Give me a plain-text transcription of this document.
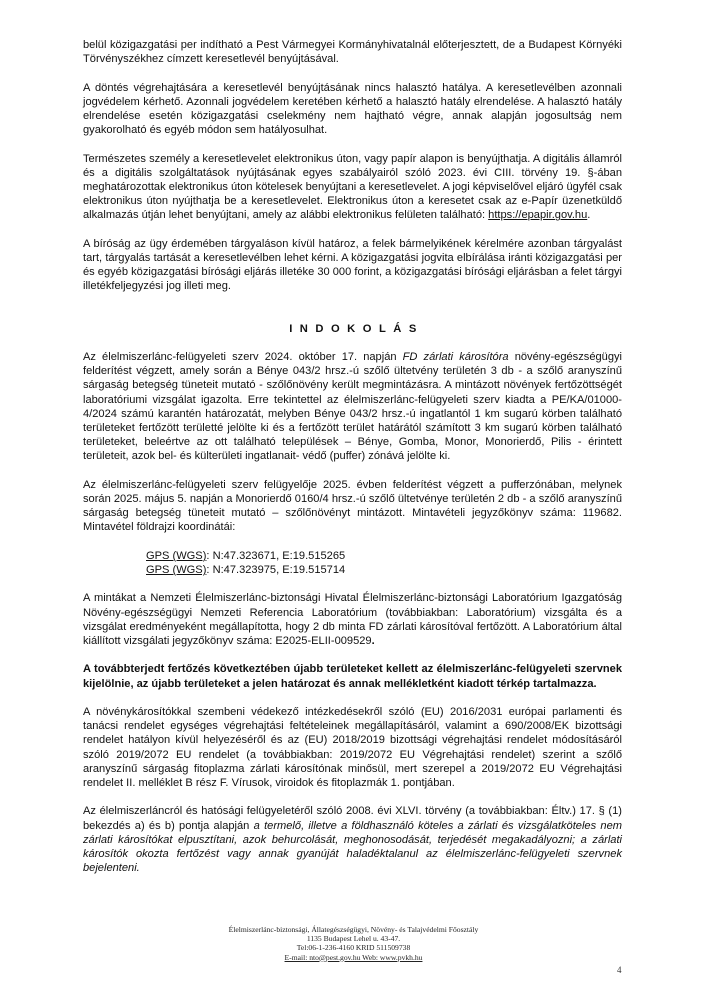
belül közigazgatási per indítható a Pest Vármegyei Kormányhivatalnál előterjesztett, de a Budapest Környéki Törvényszékhez címzett keresetlevél benyújtásával.

A döntés végrehajtására a keresetlevél benyújtásának nincs halasztó hatálya. A keresetlevélben azonnali jogvédelem kérhető. Azonnali jogvédelem keretében kérhető a halasztó hatály elrendelése. A halasztó hatály elrendelése esetén közigazgatási cselekmény nem hajtható végre, annak alapján jogosultság nem gyakorolható és egyéb módon sem hatályosulhat.

Természetes személy a keresetlevelet elektronikus úton, vagy papír alapon is benyújthatja. A digitális államról és a digitális szolgáltatások nyújtásának egyes szabályairól szóló 2023. évi CIII. törvény 19. §-ában meghatározottak elektronikus úton kötelesek benyújtani a keresetlevelet. A jogi képviselővel eljáró ügyfél csak elektronikus úton nyújthatja be a keresetlevelet. Elektronikus úton a keresetet csak az e-Papír üzenetküldő alkalmazás útján lehet benyújtani, amely az alábbi elektronikus felületen található: https://epapir.gov.hu.

A bíróság az ügy érdemében tárgyaláson kívül határoz, a felek bármelyikének kérelmére azonban tárgyalást tart, tárgyalás tartását a keresetlevélben lehet kérni. A közigazgatási jogvita elbírálása iránti közigazgatási per és egyéb közigazgatási bírósági eljárás illetéke 30 000 forint, a közigazgatási bírósági eljárásban a felet tárgyi illetékfeljegyzési jog illeti meg.

INDOKOLÁS

Az élelmiszerlánc-felügyeleti szerv 2024. október 17. napján FD zárlati károsítóra növény-egészségügyi felderítést végzett, amely során a Bénye 043/2 hrsz.-ú szőlő ültetvény területén 3 db - a szőlő aranyszínű sárgaság betegség tüneteit mutató - szőlőnövény került megmintázásra. A mintázott növények fertőzöttségét laboratóriumi vizsgálat igazolta. Erre tekintettel az élelmiszerlánc-felügyeleti szerv kiadta a PE/KA/01000-4/2024 számú karantén határozatát, melyben Bénye 043/2 hrsz.-ú ingatlantól 1 km sugarú körben található területeket fertőzött területté jelölte ki és a fertőzött terület határától számított 3 km sugarú körben található területeket, beleértve az ott található települések – Bénye, Gomba, Monor, Monorierdő, Pilis - érintett területeit, azok bel- és külterületi ingatlanait- védő (puffer) zónává jelölte ki.

Az élelmiszerlánc-felügyeleti szerv felügyelője 2025. évben felderítést végzett a pufferzónában, melynek során 2025. május 5. napján a Monorierdő 0160/4 hrsz.-ú szőlő ültetvénye területén 2 db - a szőlő aranyszínű sárgaság betegség tüneteit mutató – szőlőnövényt mintázott. Mintavételi jegyzőkönyv száma: 119682. Mintavétel földrajzi koordinátái:

GPS (WGS): N:47.323671, E:19.515265
GPS (WGS): N:47.323975, E:19.515714

A mintákat a Nemzeti Élelmiszerlánc-biztonsági Hivatal Élelmiszerlánc-biztonsági Laboratórium Igazgatóság Növény-egészségügyi Nemzeti Referencia Laboratórium (továbbiakban: Laboratórium) vizsgálta és a vizsgálat eredményeként megállapította, hogy 2 db minta FD zárlati károsítóval fertőzött. A Laboratórium által kiállított vizsgálati jegyzőkönyv száma: E2025-ELII-009529.

A továbbterjedt fertőzés következtében újabb területeket kellett az élelmiszerlánc-felügyeleti szervnek kijelölnie, az újabb területeket a jelen határozat és annak mellékletként kiadott térkép tartalmazza.

A növénykárosítókkal szembeni védekező intézkedésekről szóló (EU) 2016/2031 európai parlamenti és tanácsi rendelet egységes végrehajtási feltételeinek megállapításáról, valamint a 690/2008/EK bizottsági rendelet hatályon kívül helyezéséről és az (EU) 2018/2019 bizottsági végrehajtási rendelet módosításáról szóló 2019/2072 EU rendelet (a továbbiakban: 2019/2072 EU Végrehajtási rendelet) szerint a szőlő aranyszínű sárgaság fitoplazma zárlati károsítónak minősül, mert szerepel a 2019/2072 EU Végrehajtási rendelet II. melléklet B rész F. Vírusok, viroidok és fitoplazmák 1. pontjában.

Az élelmiszerláncról és hatósági felügyeletéről szóló 2008. évi XLVI. törvény (a továbbiakban: Éltv.) 17. § (1) bekezdés a) és b) pontja alapján a termelő, illetve a földhasználó köteles a zárlati és vizsgálatköteles nem zárlati károsítókat elpusztítani, azok behurcolását, meghonosodását, terjedését megakadályozni; a zárlati károsítók okozta fertőzést vagy annak gyanúját haladéktalanul az élelmiszerlánc-felügyeleti szervnek bejelenteni.

Élelmiszerlánc-biztonsági, Állategészségügyi, Növény- és Talajvédelmi Főosztály
1135 Budapest Lehel u. 43-47.
Tel:06-1-236-4160 KRID 511509738
E-mail: nto@pest.gov.hu Web: www.pvkh.hu
4
